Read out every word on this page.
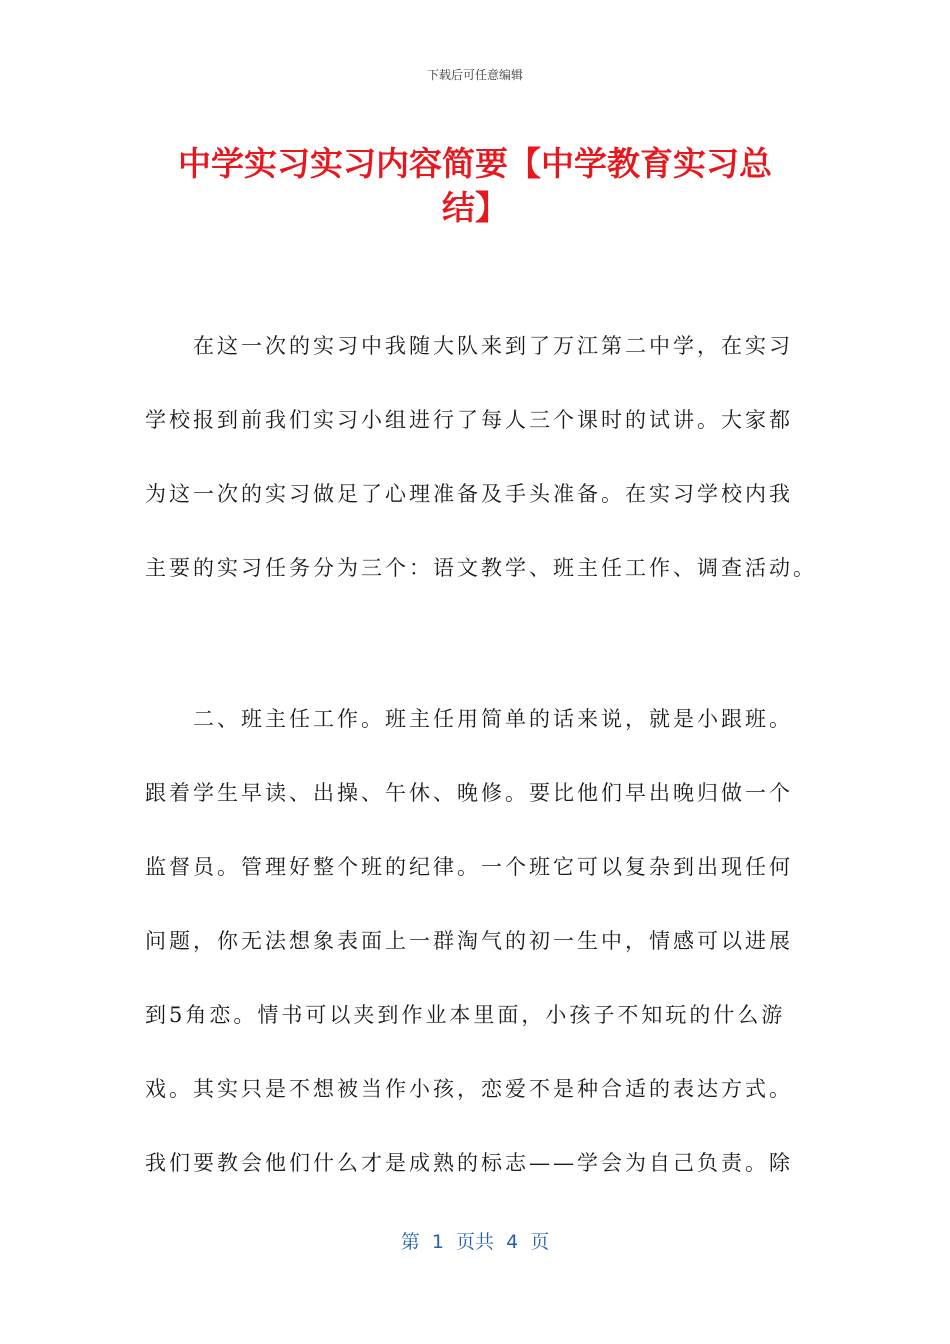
下载后可任意编辑
中学实习实习内容简要【中学教育实习总
结】
在这一次的实习中我随大队来到了万江第二中学，在实习
学校报到前我们实习小组进行了每人三个课时的试讲。大家都
为这一次的实习做足了心理准备及手头准备。在实习学校内我
主要的实习任务分为三个：语文教学、班主任工作、调查活动。
二、班主任工作。班主任用简单的话来说，就是小跟班。
跟着学生早读、出操、午休、晚修。要比他们早出晚归做一个
监督员。管理好整个班的纪律。一个班它可以复杂到出现任何
问题，你无法想象表面上一群淘气的初一生中，情感可以进展
到5角恋。情书可以夹到作业本里面，小孩子不知玩的什么游
戏。其实只是不想被当作小孩，恋爱不是种合适的表达方式。
我们要教会他们什么才是成熟的标志——学会为自己负责。除
第  1  页共  4  页
